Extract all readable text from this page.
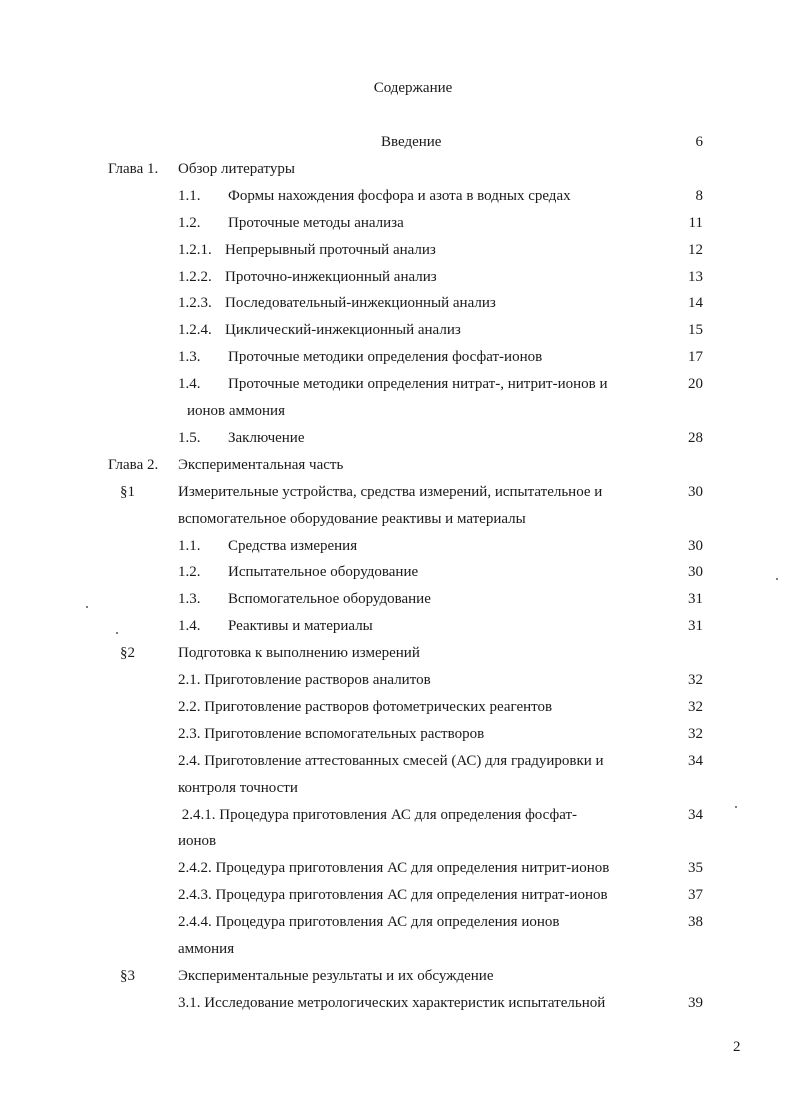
Содержание
Введение	6
Глава 1. Обзор литературы
1.1. Формы нахождения фосфора и азота в водных средах	8
1.2. Проточные методы анализа	11
1.2.1. Непрерывный проточный анализ	12
1.2.2. Проточно-инжекционный анализ	13
1.2.3. Последовательный-инжекционный анализ	14
1.2.4. Циклический-инжекционный анализ	15
1.3. Проточные методики определения фосфат-ионов	17
1.4. Проточные методики определения нитрат-, нитрит-ионов и	20
ионов аммония
1.5. Заключение	28
Глава 2. Экспериментальная часть
§1	Измерительные устройства, средства измерений, испытательное и	30
вспомогательное оборудование реактивы и материалы
1.1. Средства измерения	30
1.2. Испытательное оборудование	30
1.3. Вспомогательное оборудование	31
1.4. Реактивы и материалы	31
§2	Подготовка к выполнению измерений
2.1. Приготовление растворов аналитов	32
2.2. Приготовление растворов фотометрических реагентов	32
2.3. Приготовление вспомогательных растворов	32
2.4. Приготовление аттестованных смесей (АС) для градуировки и	34
контроля точности
2.4.1. Процедура приготовления АС для определения фосфат-	34
ионов
2.4.2. Процедура приготовления АС для определения нитрит-ионов	35
2.4.3. Процедура приготовления АС для определения нитрат-ионов	37
2.4.4. Процедура приготовления АС для определения ионов	38
аммония
§3	Экспериментальные результаты и их обсуждение
3.1. Исследование метрологических характеристик испытательной	39
2
